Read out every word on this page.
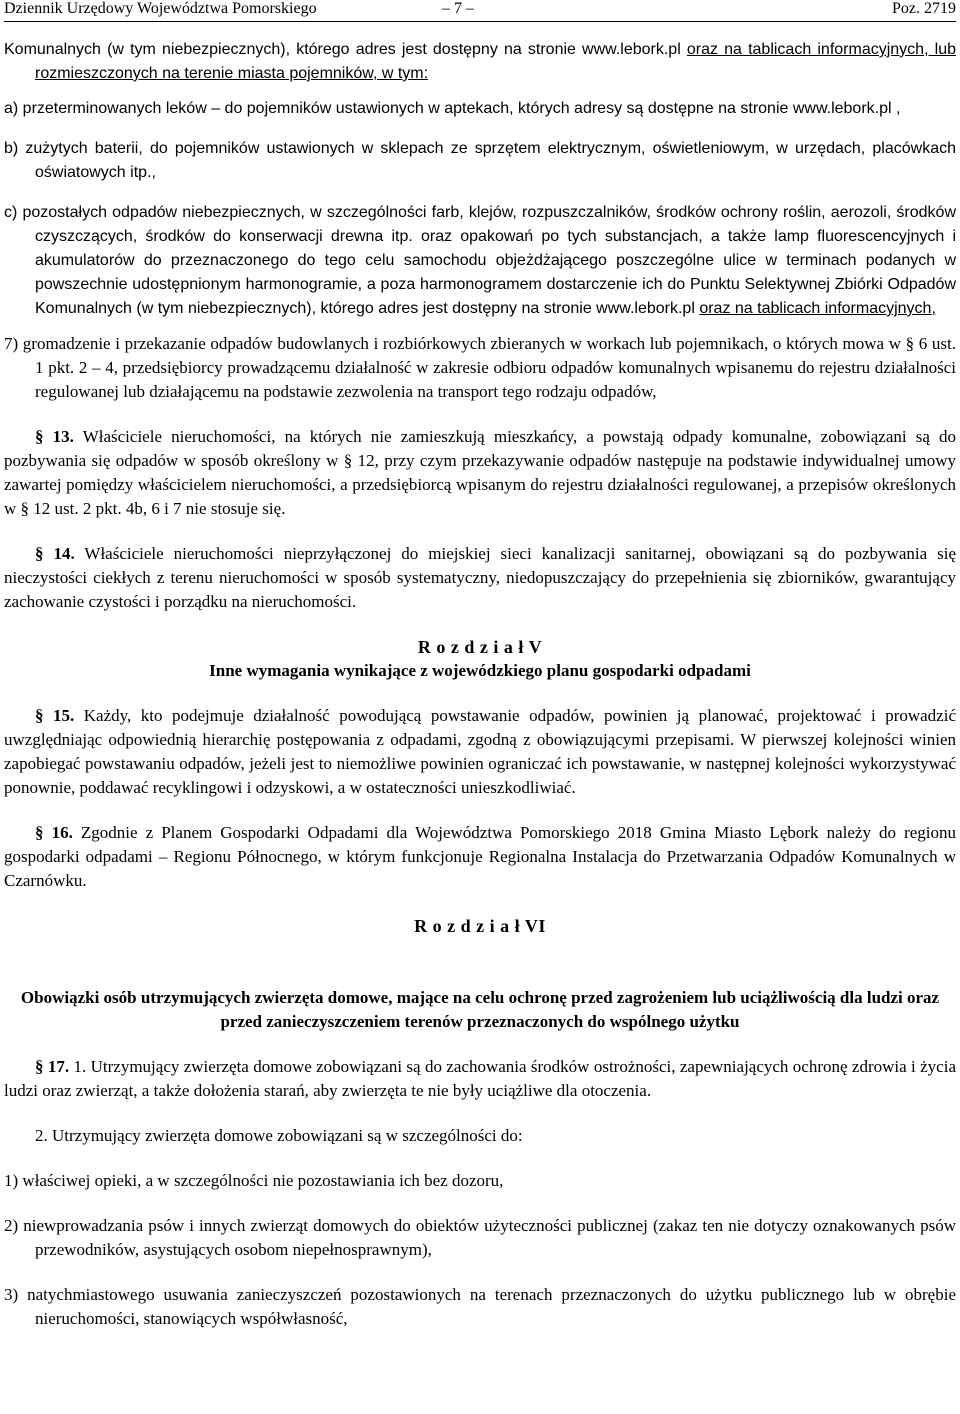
Dziennik Urzędowy Województwa Pomorskiego	– 7 –	Poz. 2719

Komunalnych (w tym niebezpiecznych), którego adres jest dostępny na stronie www.lebork.pl oraz na tablicach informacyjnych, lub rozmieszczonych na terenie miasta pojemników, w tym:

a) przeterminowanych leków – do pojemników ustawionych w aptekach, których adresy są dostępne na stronie www.lebork.pl ,

b) zużytych baterii, do pojemników ustawionych w sklepach ze sprzętem elektrycznym, oświetleniowym, w urzędach, placówkach oświatowych itp.,

c) pozostałych odpadów niebezpiecznych, w szczególności farb, klejów, rozpuszczalników, środków ochrony roślin, aerozoli, środków czyszczących, środków do konserwacji drewna itp. oraz opakowań po tych substancjach, a także lamp fluorescencyjnych i akumulatorów do przeznaczonego do tego celu samochodu objeżdżającego poszczególne ulice w terminach podanych w powszechnie udostępnionym harmonogramie, a poza harmonogramem dostarczenie ich do Punktu Selektywnej Zbiórki Odpadów Komunalnych (w tym niebezpiecznych), którego adres jest dostępny na stronie www.lebork.pl oraz na tablicach informacyjnych,

7) gromadzenie i przekazanie odpadów budowlanych i rozbiórkowych zbieranych w workach lub pojemnikach, o których mowa w § 6 ust. 1 pkt. 2 – 4, przedsiębiorcy prowadzącemu działalność w zakresie odbioru odpadów komunalnych wpisanemu do rejestru działalności regulowanej lub działającemu na podstawie zezwolenia na transport tego rodzaju odpadów,

§ 13. Właściciele nieruchomości, na których nie zamieszkują mieszkańcy, a powstają odpady komunalne, zobowiązani są do pozbywania się odpadów w sposób określony w § 12, przy czym przekazywanie odpadów następuje na podstawie indywidualnej umowy zawartej pomiędzy właścicielem nieruchomości, a przedsiębiorcą wpisanym do rejestru działalności regulowanej, a przepisów określonych w § 12 ust. 2 pkt. 4b, 6 i 7 nie stosuje się.

§ 14. Właściciele nieruchomości nieprzyłączonej do miejskiej sieci kanalizacji sanitarnej, obowiązani są do pozbywania się nieczystości ciekłych z terenu nieruchomości w sposób systematyczny, niedopuszczający do przepełnienia się zbiorników, gwarantujący zachowanie czystości i porządku na nieruchomości.

R o z d z i a ł V

Inne wymagania wynikające z wojewódzkiego planu gospodarki odpadami

§ 15. Każdy, kto podejmuje działalność powodującą powstawanie odpadów, powinien ją planować, projektować i prowadzić uwzględniając odpowiednią hierarchię postępowania z odpadami, zgodną z obowiązującymi przepisami. W pierwszej kolejności winien zapobiegać powstawaniu odpadów, jeżeli jest to niemożliwe powinien ograniczać ich powstawanie, w następnej kolejności wykorzystywać ponownie, poddawać recyklingowi i odzyskowi, a w ostateczności unieszkodliwiać.

§ 16. Zgodnie z Planem Gospodarki Odpadami dla Województwa Pomorskiego 2018 Gmina Miasto Lębork należy do regionu gospodarki odpadami – Regionu Północnego, w którym funkcjonuje Regionalna Instalacja do Przetwarzania Odpadów Komunalnych w Czarnówku.

R o z d z i a ł VI

Obowiązki osób utrzymujących zwierzęta domowe, mające na celu ochronę przed zagrożeniem lub uciążliwością dla ludzi oraz przed zanieczyszczeniem terenów przeznaczonych do wspólnego użytku

§ 17. 1. Utrzymujący zwierzęta domowe zobowiązani są do zachowania środków ostrożności, zapewniających ochronę zdrowia i życia ludzi oraz zwierząt, a także dołożenia starań, aby zwierzęta te nie były uciążliwe dla otoczenia.

2. Utrzymujący zwierzęta domowe zobowiązani są w szczególności do:

1) właściwej opieki, a w szczególności nie pozostawiania ich bez dozoru,

2) niewprowadzania psów i innych zwierząt domowych do obiektów użyteczności publicznej (zakaz ten nie dotyczy oznakowanych psów przewodników, asystujących osobom niepełnosprawnym),

3) natychmiastowego usuwania zanieczyszczeń pozostawionych na terenach przeznaczonych do użytku publicznego lub w obrębie nieruchomości, stanowiących współwłasność,
